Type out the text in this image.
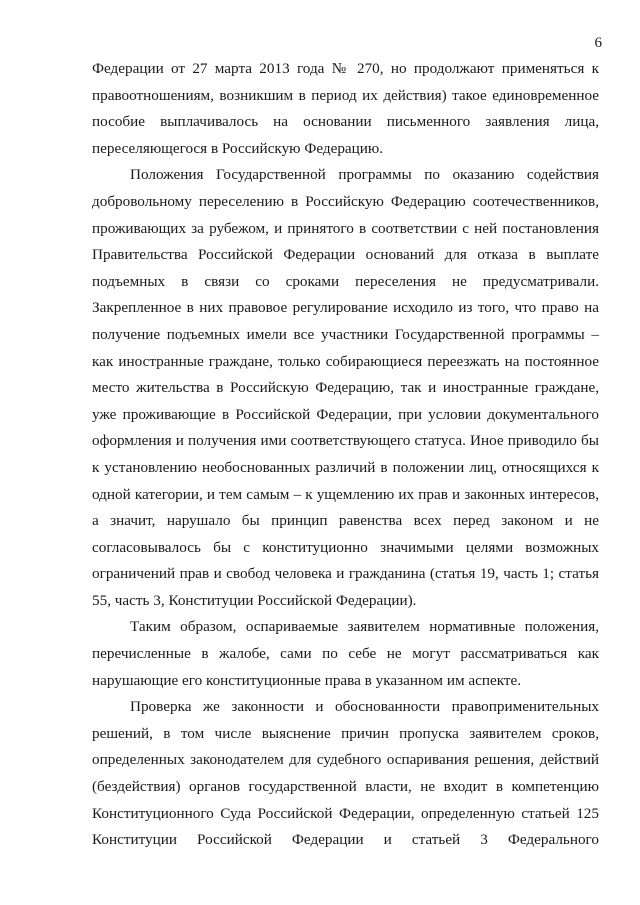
6
Федерации от 27 марта 2013 года № 270, но продолжают применяться к
правоотношениям, возникшим в период их действия) такое единовременное
пособие выплачивалось на основании письменного заявления лица,
переселяющегося в Российскую Федерацию.
Положения Государственной программы по оказанию содействия
добровольному переселению в Российскую Федерацию соотечественников,
проживающих за рубежом, и принятого в соответствии с ней постановления
Правительства Российской Федерации оснований для отказа в выплате
подъемных в связи со сроками переселения не предусматривали.
Закрепленное в них правовое регулирование исходило из того, что право на
получение подъемных имели все участники Государственной программы –
как иностранные граждане, только собирающиеся переезжать на постоянное
место жительства в Российскую Федерацию, так и иностранные граждане,
уже проживающие в Российской Федерации, при условии документального
оформления и получения ими соответствующего статуса. Иное приводило бы
к установлению необоснованных различий в положении лиц, относящихся к
одной категории, и тем самым – к ущемлению их прав и законных интересов,
а значит, нарушало бы принцип равенства всех перед законом и не
согласовывалось бы с конституционно значимыми целями возможных
ограничений прав и свобод человека и гражданина (статья 19, часть 1; статья
55, часть 3, Конституции Российской Федерации).
Таким образом, оспариваемые заявителем нормативные положения,
перечисленные в жалобе, сами по себе не могут рассматриваться как
нарушающие его конституционные права в указанном им аспекте.
Проверка же законности и обоснованности правоприменительных
решений, в том числе выяснение причин пропуска заявителем сроков,
определенных законодателем для судебного оспаривания решения, действий
(бездействия) органов государственной власти, не входит в компетенцию
Конституционного Суда Российской Федерации, определенную статьей 125
Конституции Российской Федерации и статьей 3 Федерального
